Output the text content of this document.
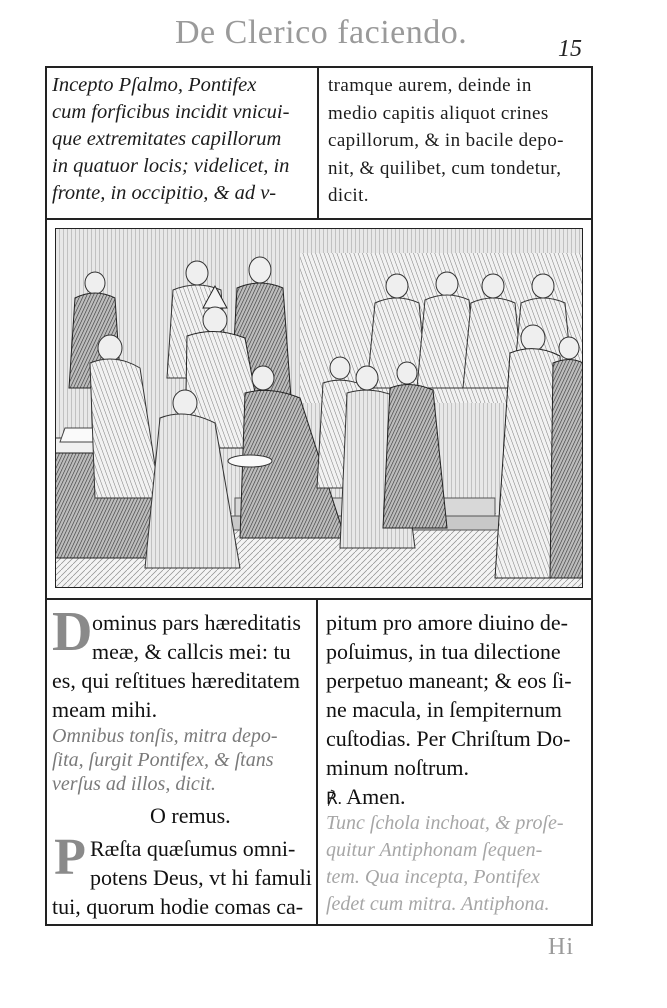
De Clerico faciendo.	15
Incepto Pſalmo, Pontifex
cum forficibus incidit vnicui-
que extremitates capillorum
in quatuor locis; videlicet, in
fronte, in occipitio, & ad v-
tramque aurem, deinde in
medio capitis aliquot crines
capillorum, & in bacile depo-
nit, & quilibet, cum tondetur,
dicit.
D ominus pars hæreditatis
meæ, & callcis mei: tu
es, qui reſtitues hæreditatem
meam mihi.
Omnibus tonſis, mitra depo-
ſita, ſurgit Pontifex, & ſtans
verſus ad illos, dicit.
O remus.
P Ræſta quæſumus omni-
potens Deus, vt hi famuli
tui, quorum hodie comas ca-
pitum pro amore diuino de-
poſuimus, in tua dilectione
perpetuo maneant; & eos ſi-
ne macula, in ſempiternum
cuſtodias. Per Chriſtum Do-
minum noſtrum.
℟. Amen.
Tunc ſchola inchoat, & proſe-
quitur Antiphonam ſequen-
tem. Qua incepta, Pontifex
ſedet cum mitra. Antiphona.
Hi
